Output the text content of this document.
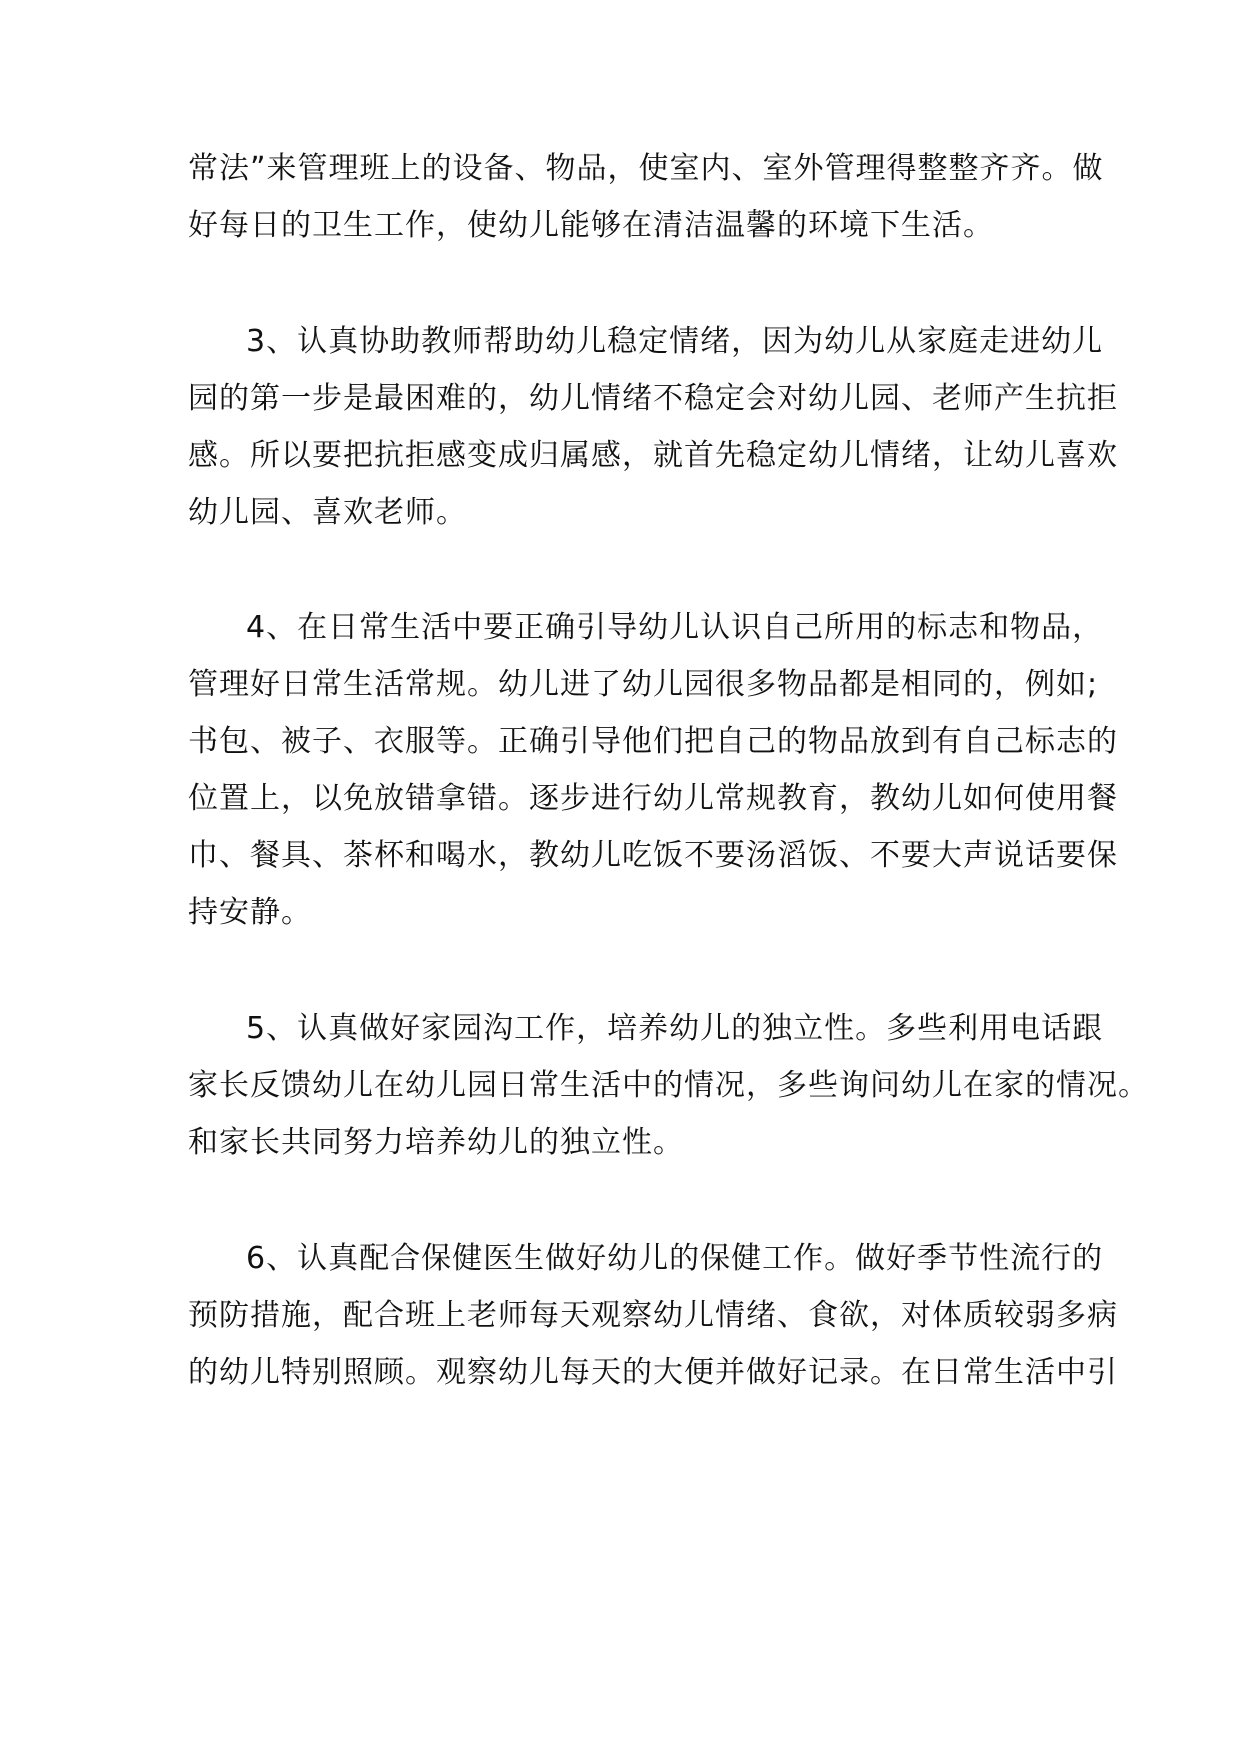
常法”来管理班上的设备、物品，使室内、室外管理得整整齐齐。做
好每日的卫生工作，使幼儿能够在清洁温馨的环境下生活。
3、认真协助教师帮助幼儿稳定情绪，因为幼儿从家庭走进幼儿
园的第一步是最困难的，幼儿情绪不稳定会对幼儿园、老师产生抗拒
感。所以要把抗拒感变成归属感，就首先稳定幼儿情绪，让幼儿喜欢
幼儿园、喜欢老师。
4、在日常生活中要正确引导幼儿认识自己所用的标志和物品，
管理好日常生活常规。幼儿进了幼儿园很多物品都是相同的，例如;
书包、被子、衣服等。正确引导他们把自己的物品放到有自己标志的
位置上，以免放错拿错。逐步进行幼儿常规教育，教幼儿如何使用餐
巾、餐具、茶杯和喝水，教幼儿吃饭不要汤滔饭、不要大声说话要保
持安静。
5、认真做好家园沟工作，培养幼儿的独立性。多些利用电话跟
家长反馈幼儿在幼儿园日常生活中的情况，多些询问幼儿在家的情况。
和家长共同努力培养幼儿的独立性。
6、认真配合保健医生做好幼儿的保健工作。做好季节性流行的
预防措施，配合班上老师每天观察幼儿情绪、食欲，对体质较弱多病
的幼儿特别照顾。观察幼儿每天的大便并做好记录。在日常生活中引
